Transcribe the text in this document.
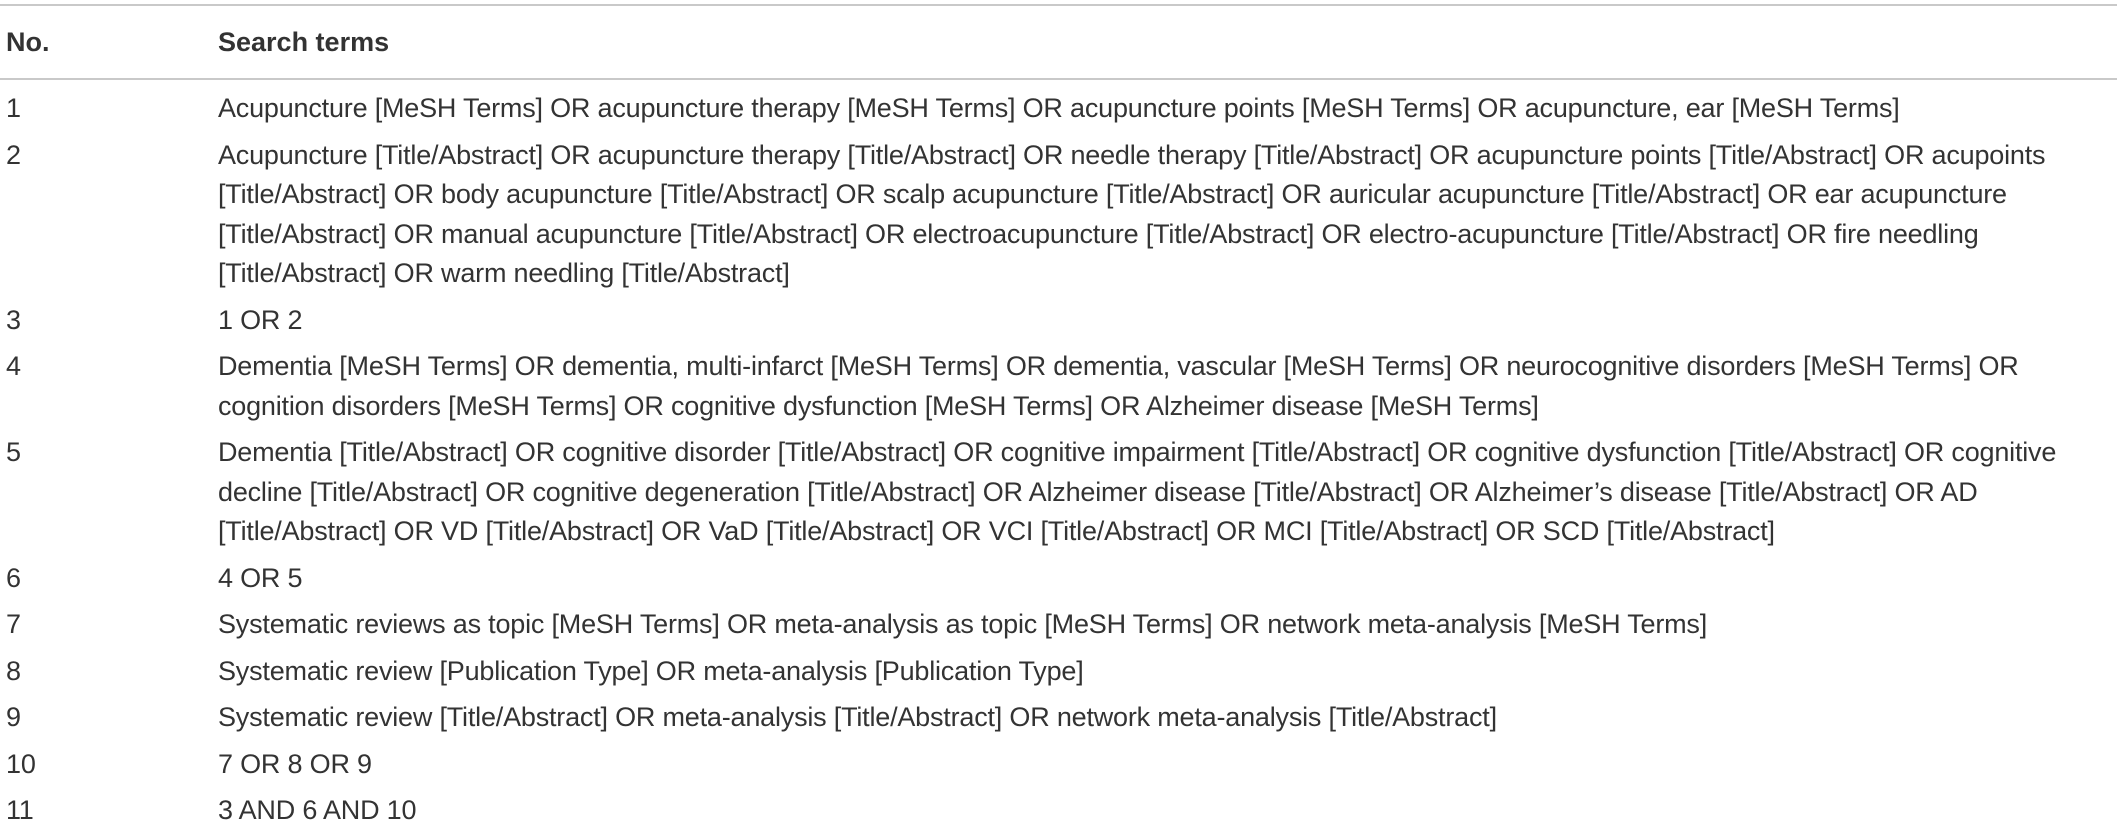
No.	Search terms
1	Acupuncture [MeSH Terms] OR acupuncture therapy [MeSH Terms] OR acupuncture points [MeSH Terms] OR acupuncture, ear [MeSH Terms]
2	Acupuncture [Title/Abstract] OR acupuncture therapy [Title/Abstract] OR needle therapy [Title/Abstract] OR acupuncture points [Title/Abstract] OR acupoints [Title/Abstract] OR body acupuncture [Title/Abstract] OR scalp acupuncture [Title/Abstract] OR auricular acupuncture [Title/Abstract] OR ear acupuncture [Title/Abstract] OR manual acupuncture [Title/Abstract] OR electroacupuncture [Title/Abstract] OR electro-acupuncture [Title/Abstract] OR fire needling [Title/Abstract] OR warm needling [Title/Abstract]
3	1 OR 2
4	Dementia [MeSH Terms] OR dementia, multi-infarct [MeSH Terms] OR dementia, vascular [MeSH Terms] OR neurocognitive disorders [MeSH Terms] OR cognition disorders [MeSH Terms] OR cognitive dysfunction [MeSH Terms] OR Alzheimer disease [MeSH Terms]
5	Dementia [Title/Abstract] OR cognitive disorder [Title/Abstract] OR cognitive impairment [Title/Abstract] OR cognitive dysfunction [Title/Abstract] OR cognitive decline [Title/Abstract] OR cognitive degeneration [Title/Abstract] OR Alzheimer disease [Title/Abstract] OR Alzheimer’s disease [Title/Abstract] OR AD [Title/Abstract] OR VD [Title/Abstract] OR VaD [Title/Abstract] OR VCI [Title/Abstract] OR MCI [Title/Abstract] OR SCD [Title/Abstract]
6	4 OR 5
7	Systematic reviews as topic [MeSH Terms] OR meta-analysis as topic [MeSH Terms] OR network meta-analysis [MeSH Terms]
8	Systematic review [Publication Type] OR meta-analysis [Publication Type]
9	Systematic review [Title/Abstract] OR meta-analysis [Title/Abstract] OR network meta-analysis [Title/Abstract]
10	7 OR 8 OR 9
11	3 AND 6 AND 10
